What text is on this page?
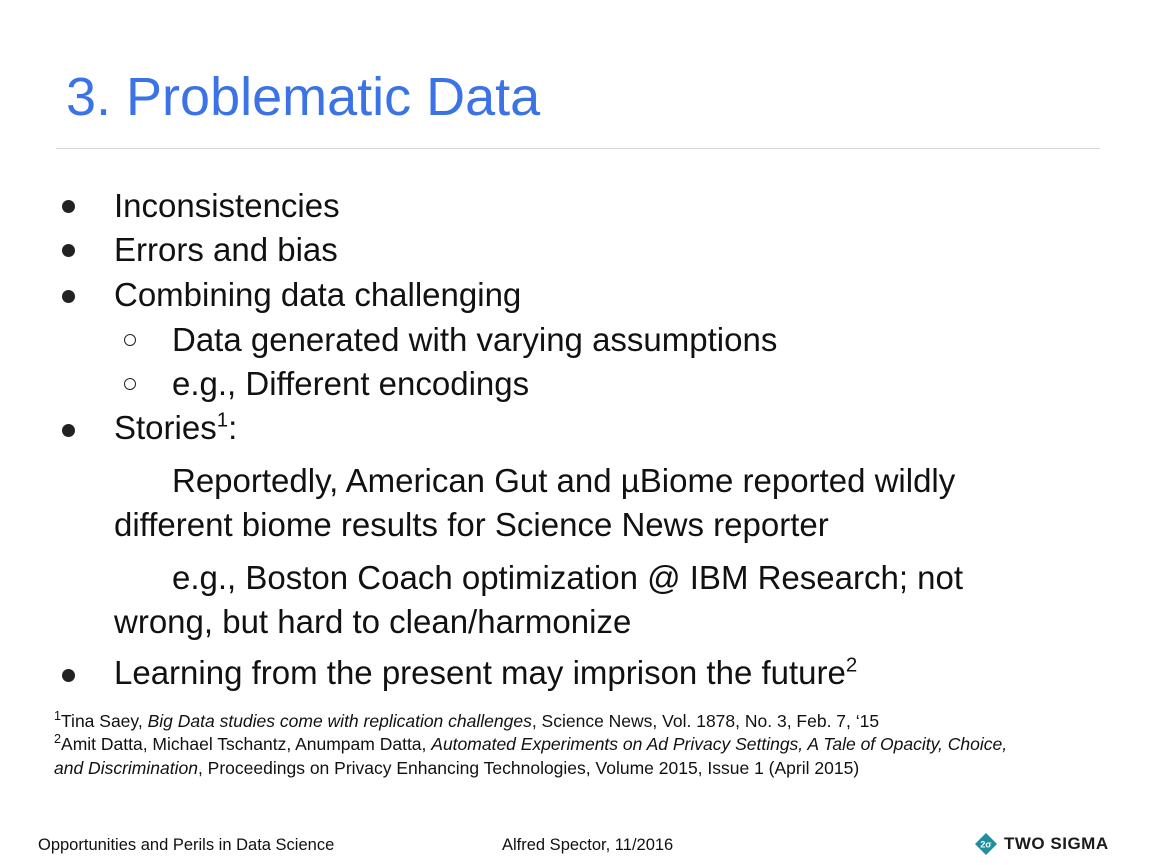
3. Problematic Data
Inconsistencies
Errors and bias
Combining data challenging
Data generated with varying assumptions
e.g., Different encodings
Stories$^1$:
Reportedly, American Gut and µBiome reported wildly
different biome results for Science News reporter
e.g., Boston Coach optimization @ IBM Research; not
wrong, but hard to clean/harmonize
Learning from the present may imprison the future$^2$
$^1$Tina Saey, Big Data studies come with replication challenges, Science News, Vol. 1878, No. 3, Feb. 7, ‘15
$^2$Amit Datta, Michael Tschantz, Anumpam Datta, Automated Experiments on Ad Privacy Settings, A Tale of Opacity, Choice,
and Discrimination, Proceedings on Privacy Enhancing Technologies, Volume 2015, Issue 1 (April 2015)
Opportunities and Perils in Data Science	Alfred Spector, 11/2016	2σ TWO SIGMA
